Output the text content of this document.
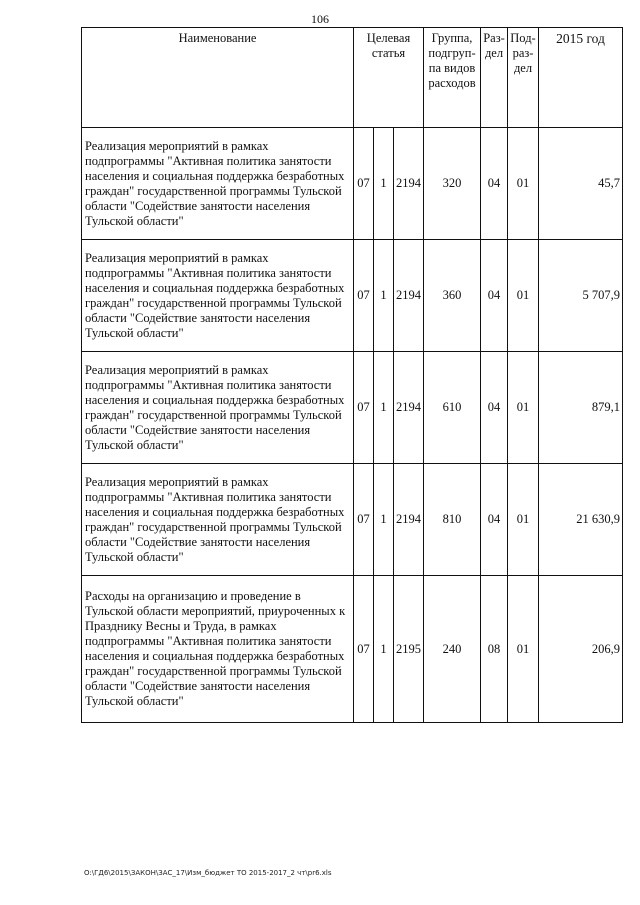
106
Наименование	Целевая статья			Группа, подгруп-па видов расходов	Раз-дел	Под-раз-дел	2015 год
Реализация мероприятий в рамках подпрограммы "Активная политика занятости населения и социальная поддержка безработных граждан" государственной программы Тульской области "Содействие занятости населения Тульской области"	07	1	2194	320	04	01	45,7
Реализация мероприятий в рамках подпрограммы "Активная политика занятости населения и социальная поддержка безработных граждан" государственной программы Тульской области "Содействие занятости населения Тульской области"	07	1	2194	360	04	01	5 707,9
Реализация мероприятий в рамках подпрограммы "Активная политика занятости населения и социальная поддержка безработных граждан" государственной программы Тульской области "Содействие занятости населения Тульской области"	07	1	2194	610	04	01	879,1
Реализация мероприятий в рамках подпрограммы "Активная политика занятости населения и социальная поддержка безработных граждан" государственной программы Тульской области "Содействие занятости населения Тульской области"	07	1	2194	810	04	01	21 630,9
Расходы на организацию и проведение в Тульской области мероприятий, приуроченных к Празднику Весны и Труда, в рамках подпрограммы "Активная политика занятости населения и социальная поддержка безработных граждан" государственной программы Тульской области "Содействие занятости населения Тульской области"	07	1	2195	240	08	01	206,9
O:\ГД6\2015\ЗАКОН\ЗАС_17\Изм_бюджет ТО 2015-2017_2 чт\pr6.xls
